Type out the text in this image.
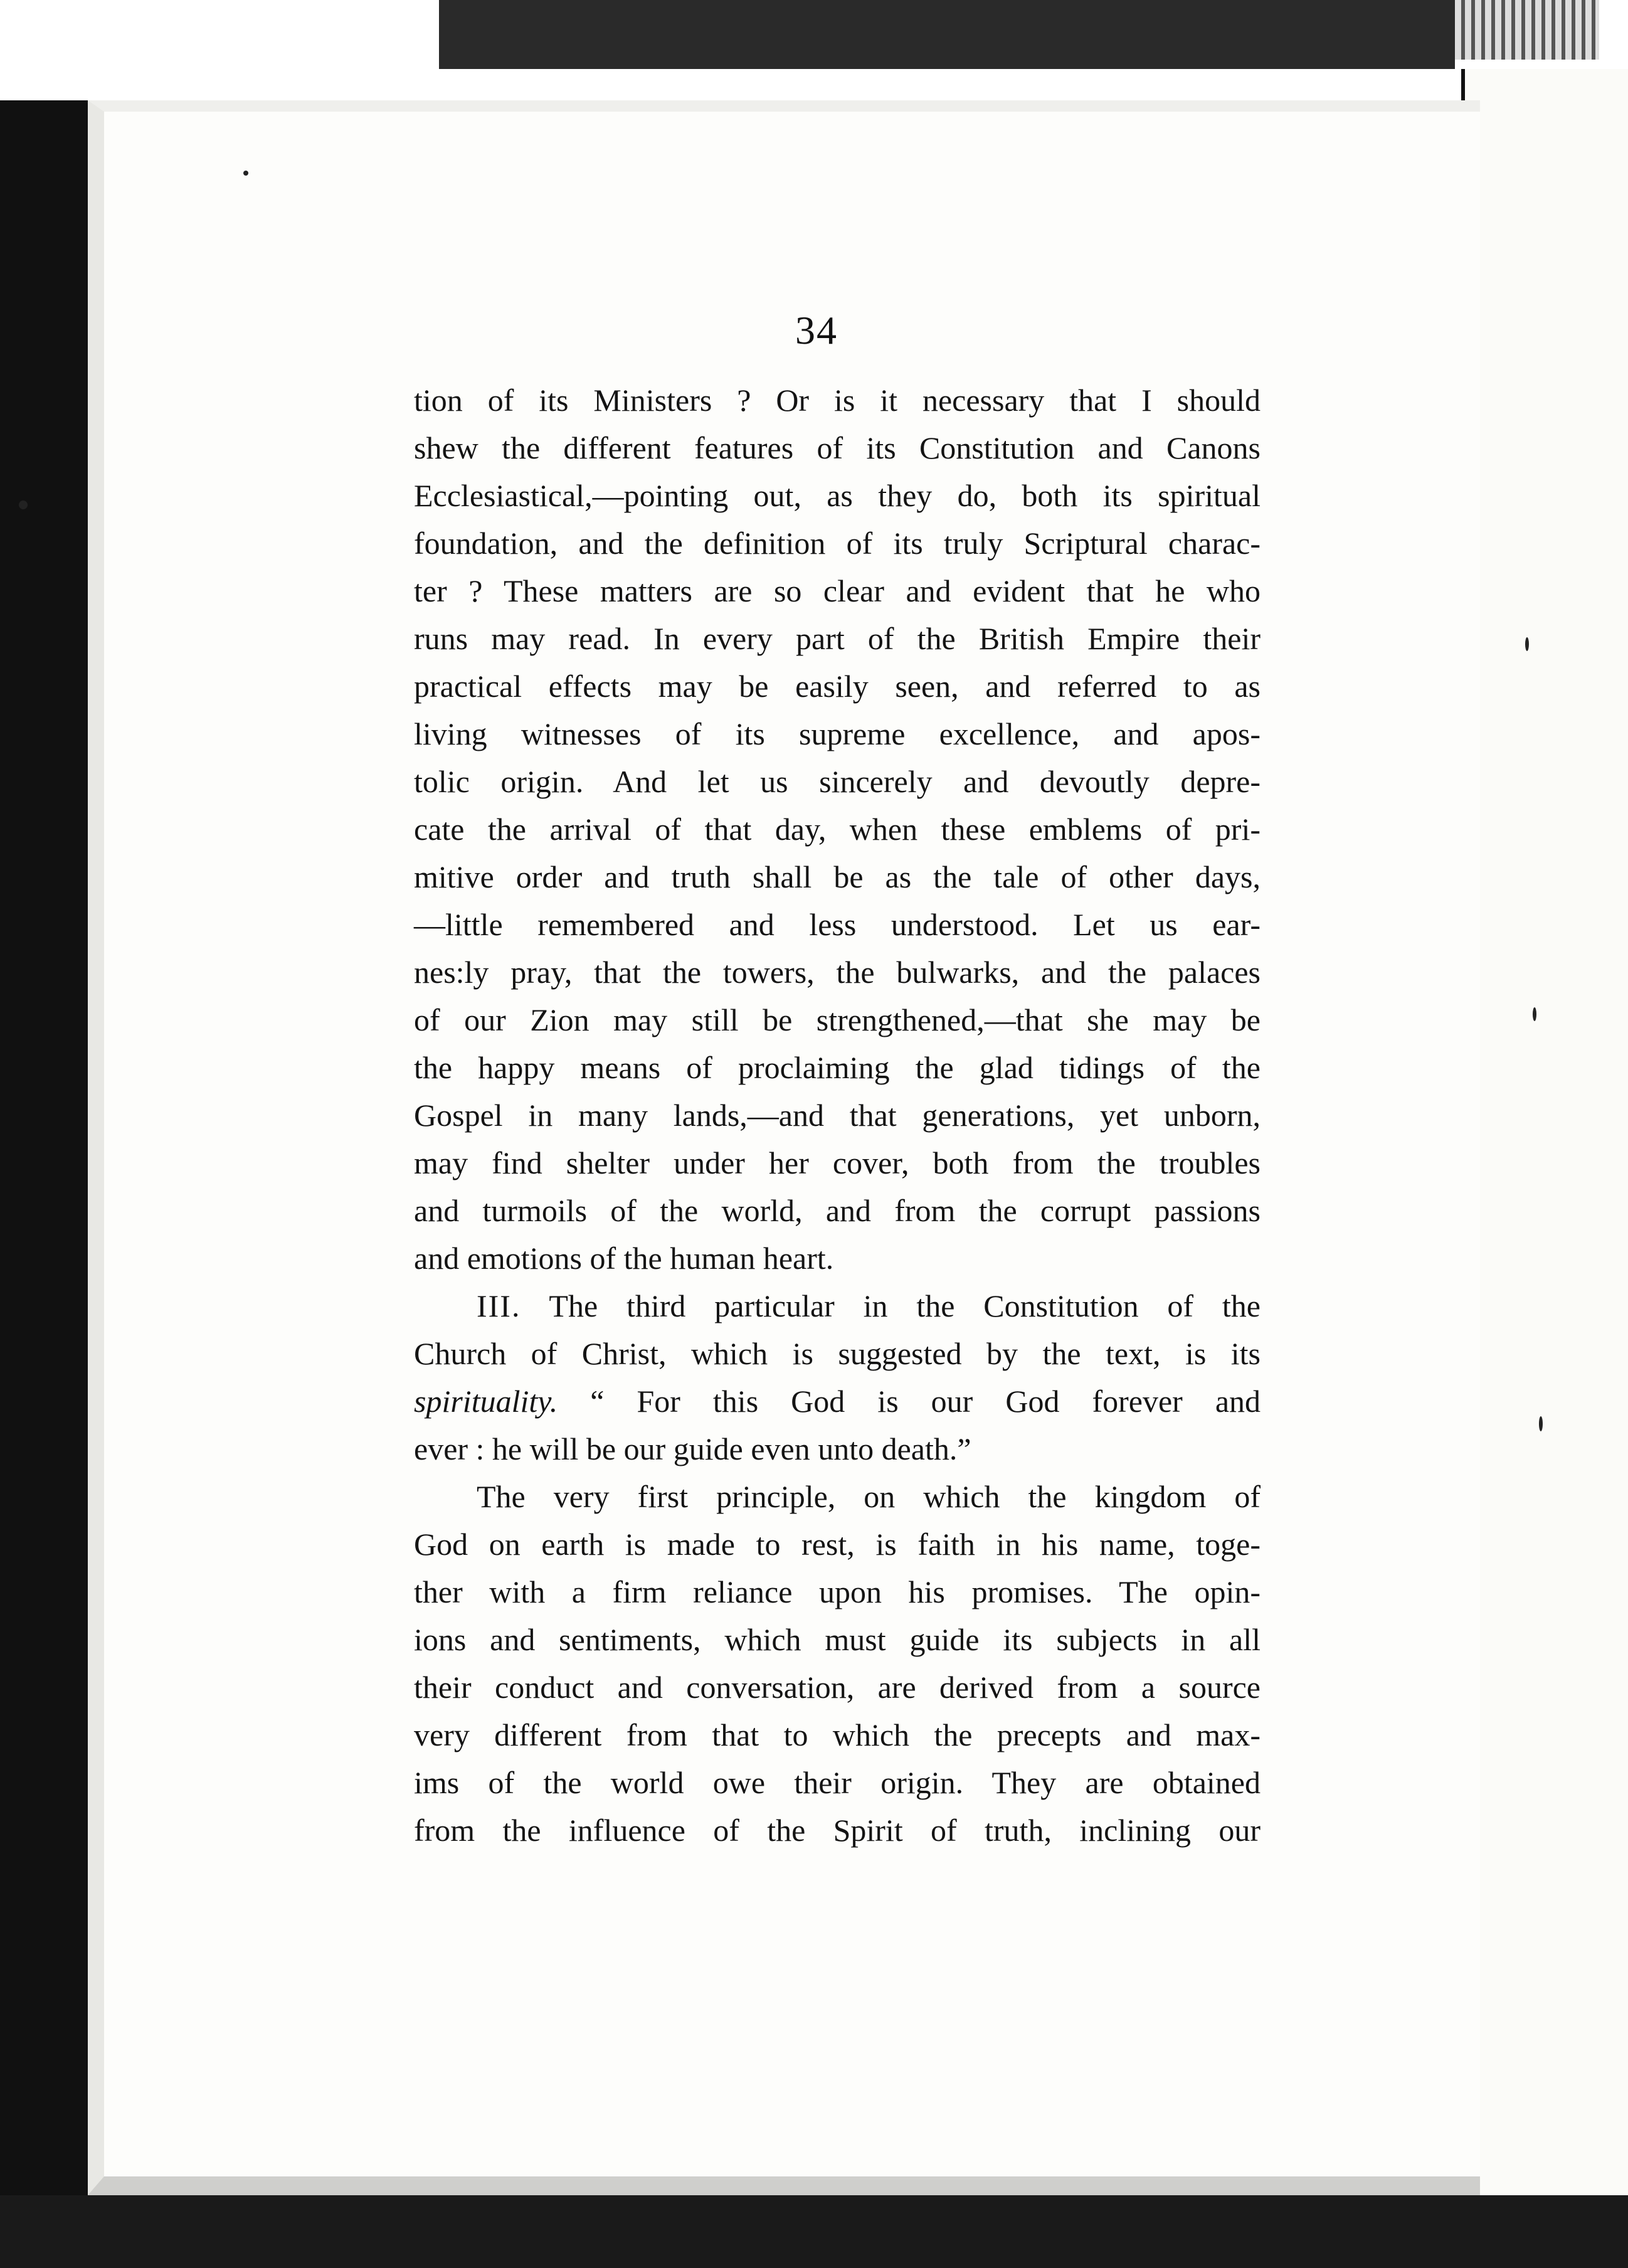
34
tion of its Ministers ? Or is it necessary that I should
shew the different features of its Constitution and Canons
Ecclesiastical,—pointing out, as they do, both its spiritual
foundation, and the definition of its truly Scriptural charac-
ter ? These matters are so clear and evident that he who
runs may read. In every part of the British Empire their
practical effects may be easily seen, and referred to as
living witnesses of its supreme excellence, and apos-
tolic origin. And let us sincerely and devoutly depre-
cate the arrival of that day, when these emblems of pri-
mitive order and truth shall be as the tale of other days,
—little remembered and less understood. Let us ear-
nes:ly pray, that the towers, the bulwarks, and the palaces
of our Zion may still be strengthened,—that she may be
the happy means of proclaiming the glad tidings of the
Gospel in many lands,—and that generations, yet unborn,
may find shelter under her cover, both from the troubles
and turmoils of the world, and from the corrupt passions
and emotions of the human heart.
III. The third particular in the Constitution of the
Church of Christ, which is suggested by the text, is its
spirituality. “ For this God is our God forever and
ever : he will be our guide even unto death.”
The very first principle, on which the kingdom of
God on earth is made to rest, is faith in his name, toge-
ther with a firm reliance upon his promises. The opin-
ions and sentiments, which must guide its subjects in all
their conduct and conversation, are derived from a source
very different from that to which the precepts and max-
ims of the world owe their origin. They are obtained
from the influence of the Spirit of truth, inclining our
